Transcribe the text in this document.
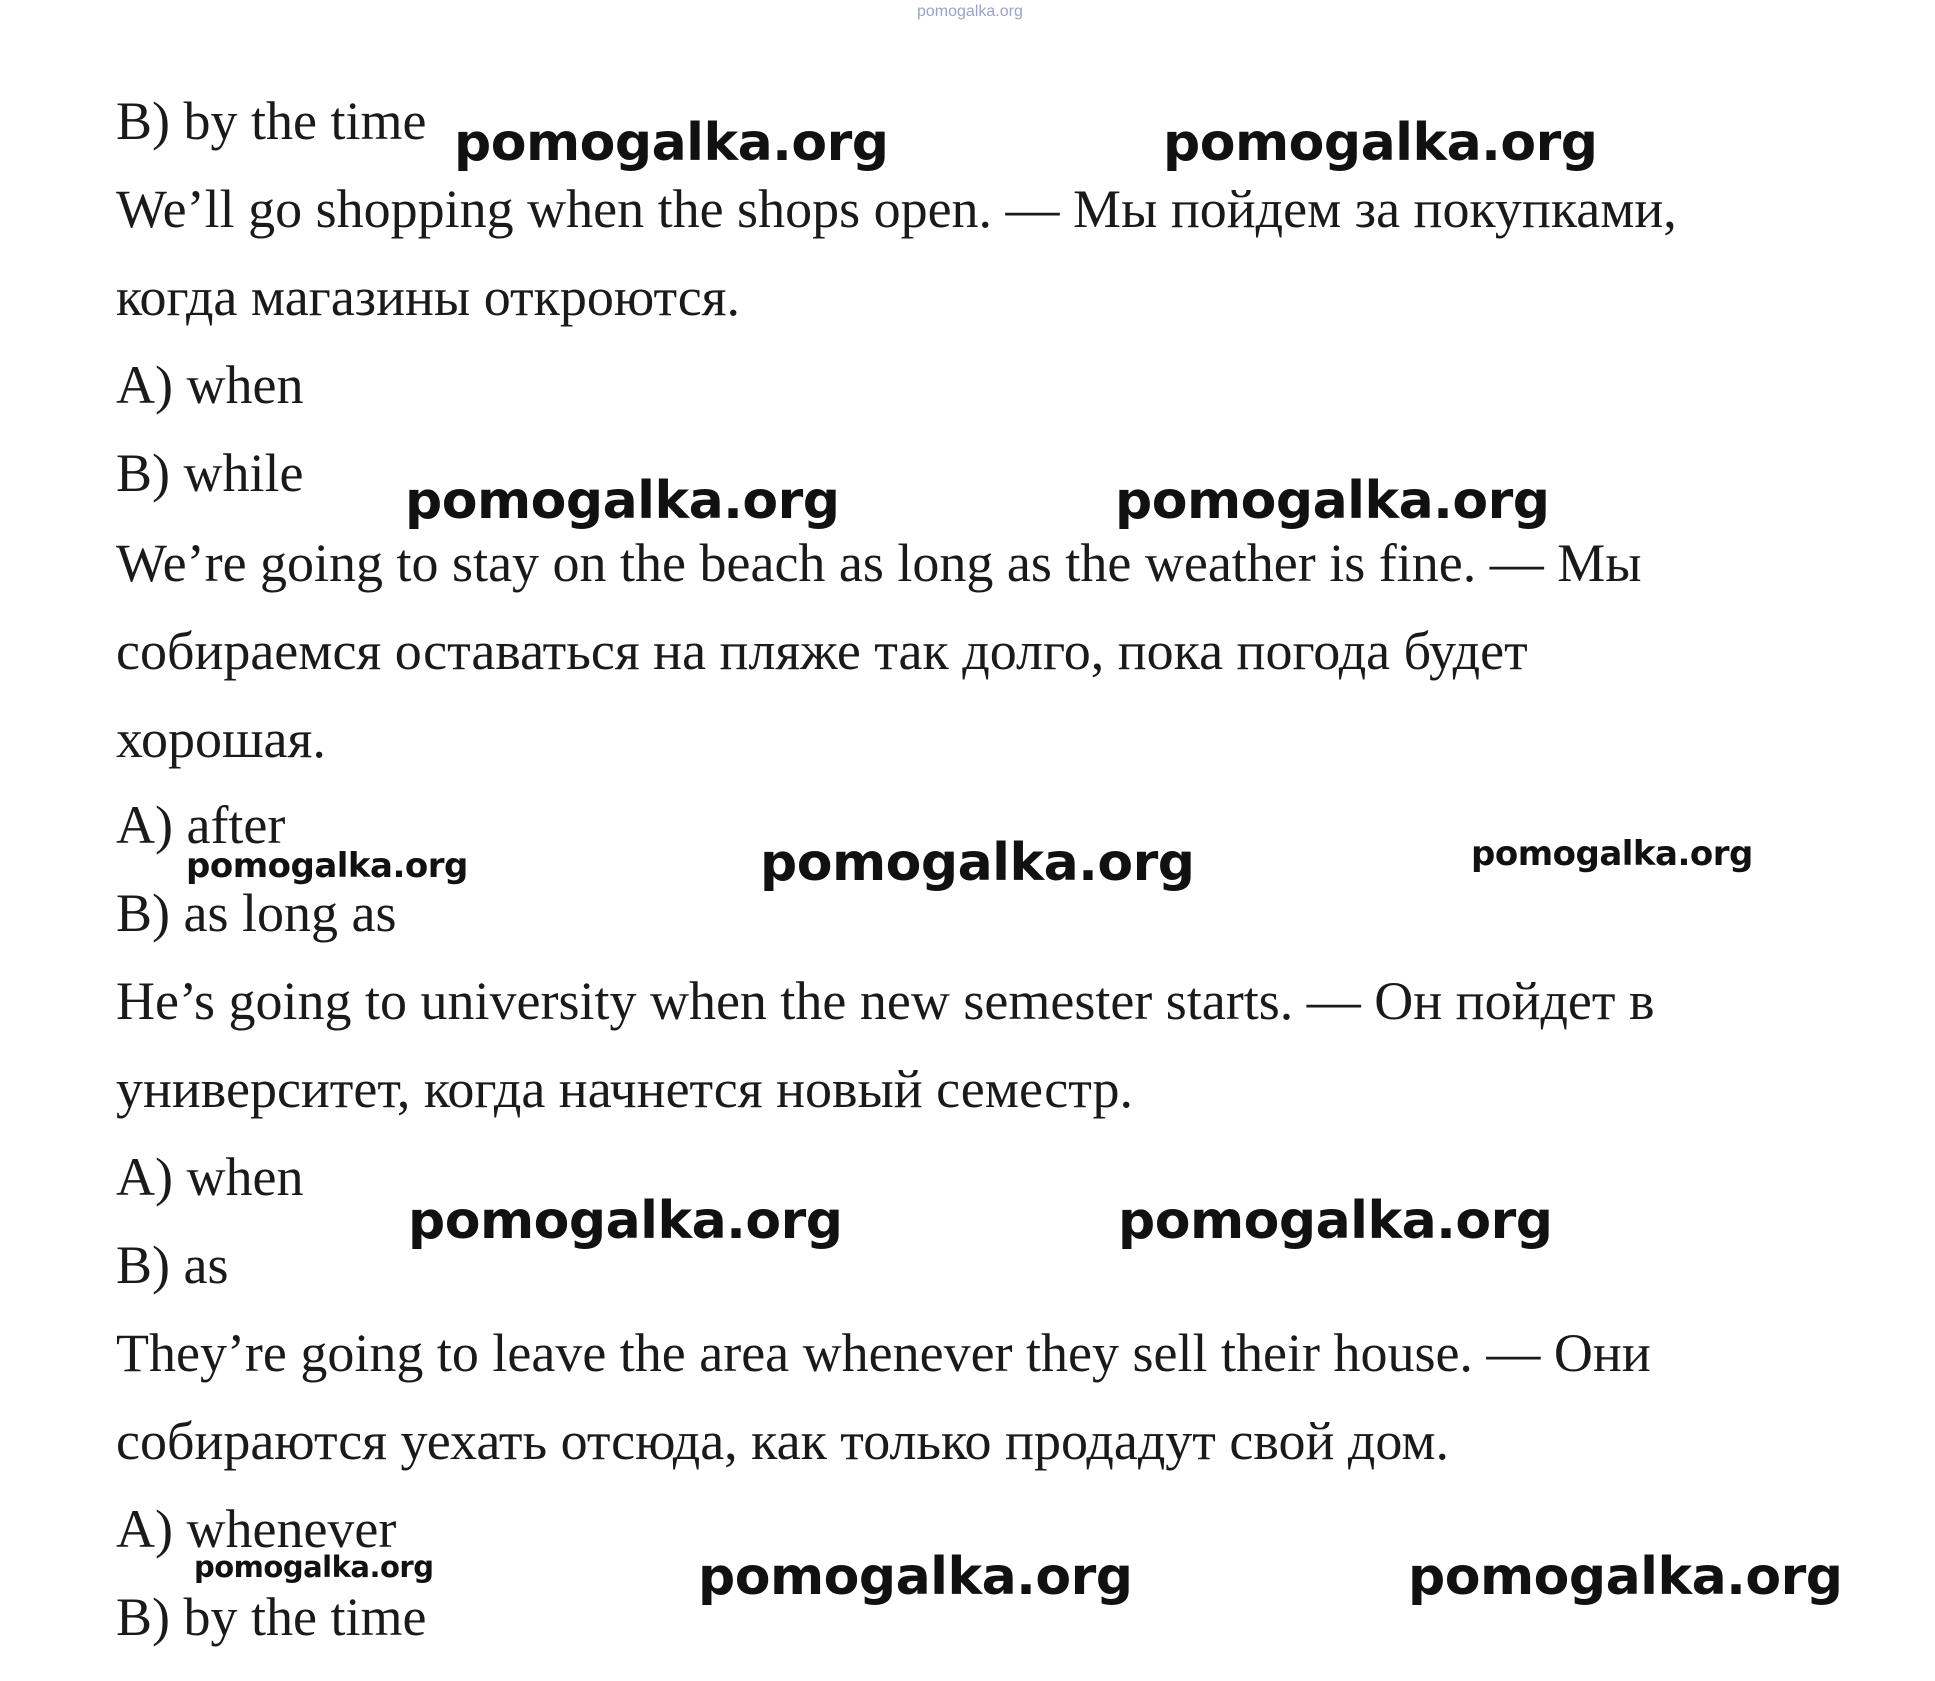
pomogalka.org
B) by the time
We’ll go shopping when the shops open. — Мы пойдем за покупками,
когда магазины откроются.
A) when
B) while
We’re going to stay on the beach as long as the weather is fine. — Мы
собираемся оставаться на пляже так долго, пока погода будет
хорошая.
A) after
B) as long as
He’s going to university when the new semester starts. — Он пойдет в
университет, когда начнется новый семестр.
A) when
B) as
They’re going to leave the area whenever they sell their house. — Они
собираются уехать отсюда, как только продадут свой дом.
A) whenever
B) by the time
pomogalka.org	pomogalka.org
pomogalka.org	pomogalka.org
pomogalka.org	pomogalka.org	pomogalka.org
pomogalka.org	pomogalka.org
pomogalka.org	pomogalka.org	pomogalka.org
